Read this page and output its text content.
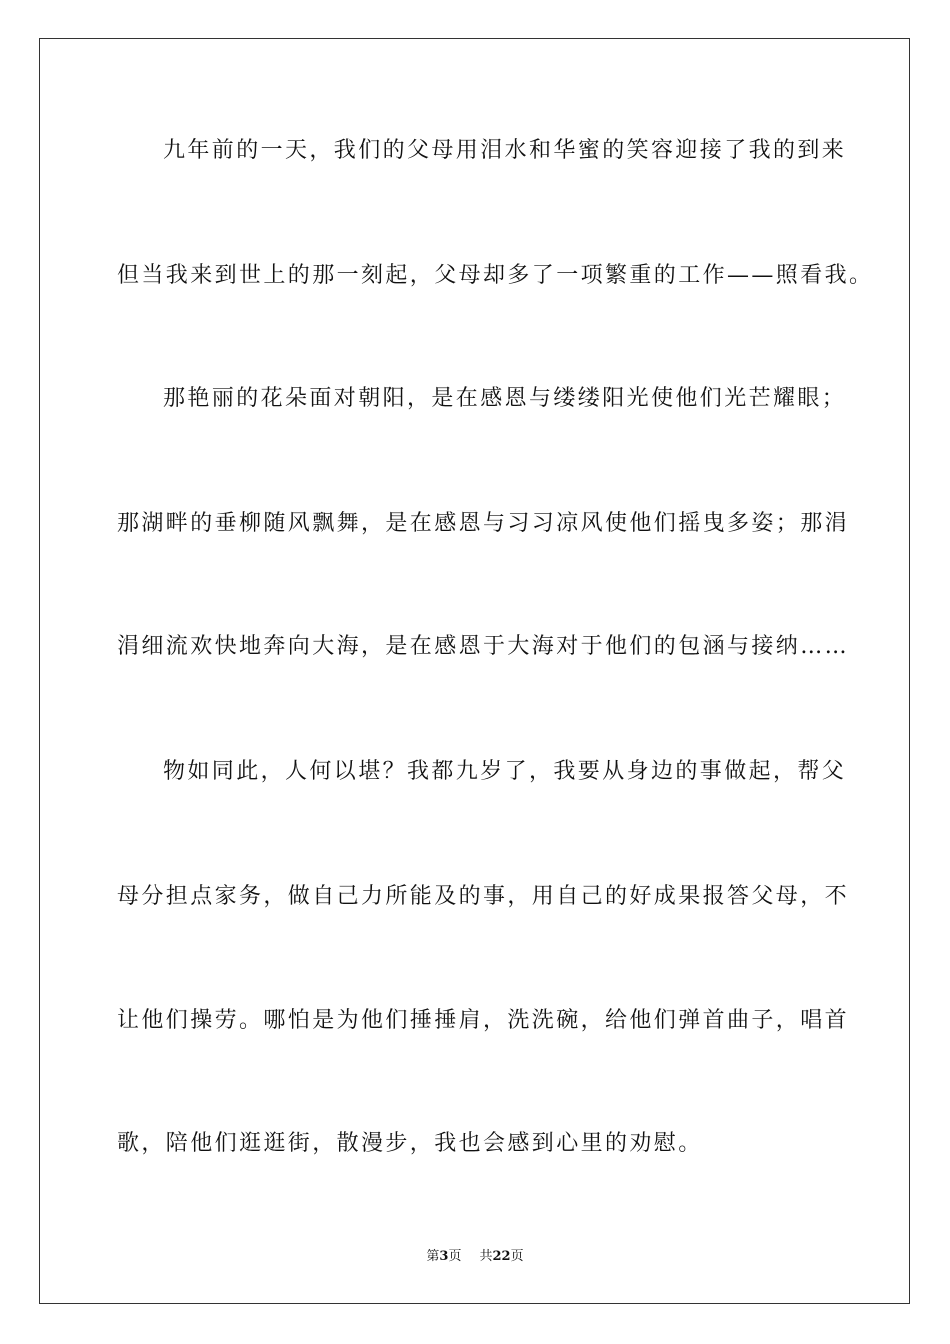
九年前的一天，我们的父母用泪水和华蜜的笑容迎接了我的到来
但当我来到世上的那一刻起，父母却多了一项繁重的工作——照看我。
那艳丽的花朵面对朝阳，是在感恩与缕缕阳光使他们光芒耀眼；
那湖畔的垂柳随风飘舞，是在感恩与习习凉风使他们摇曳多姿；那涓
涓细流欢快地奔向大海，是在感恩于大海对于他们的包涵与接纳……
物如同此，人何以堪？我都九岁了，我要从身边的事做起，帮父
母分担点家务，做自己力所能及的事，用自己的好成果报答父母，不
让他们操劳。哪怕是为他们捶捶肩，洗洗碗，给他们弹首曲子，唱首
歌，陪他们逛逛街，散漫步，我也会感到心里的劝慰。
第3页 共22页
